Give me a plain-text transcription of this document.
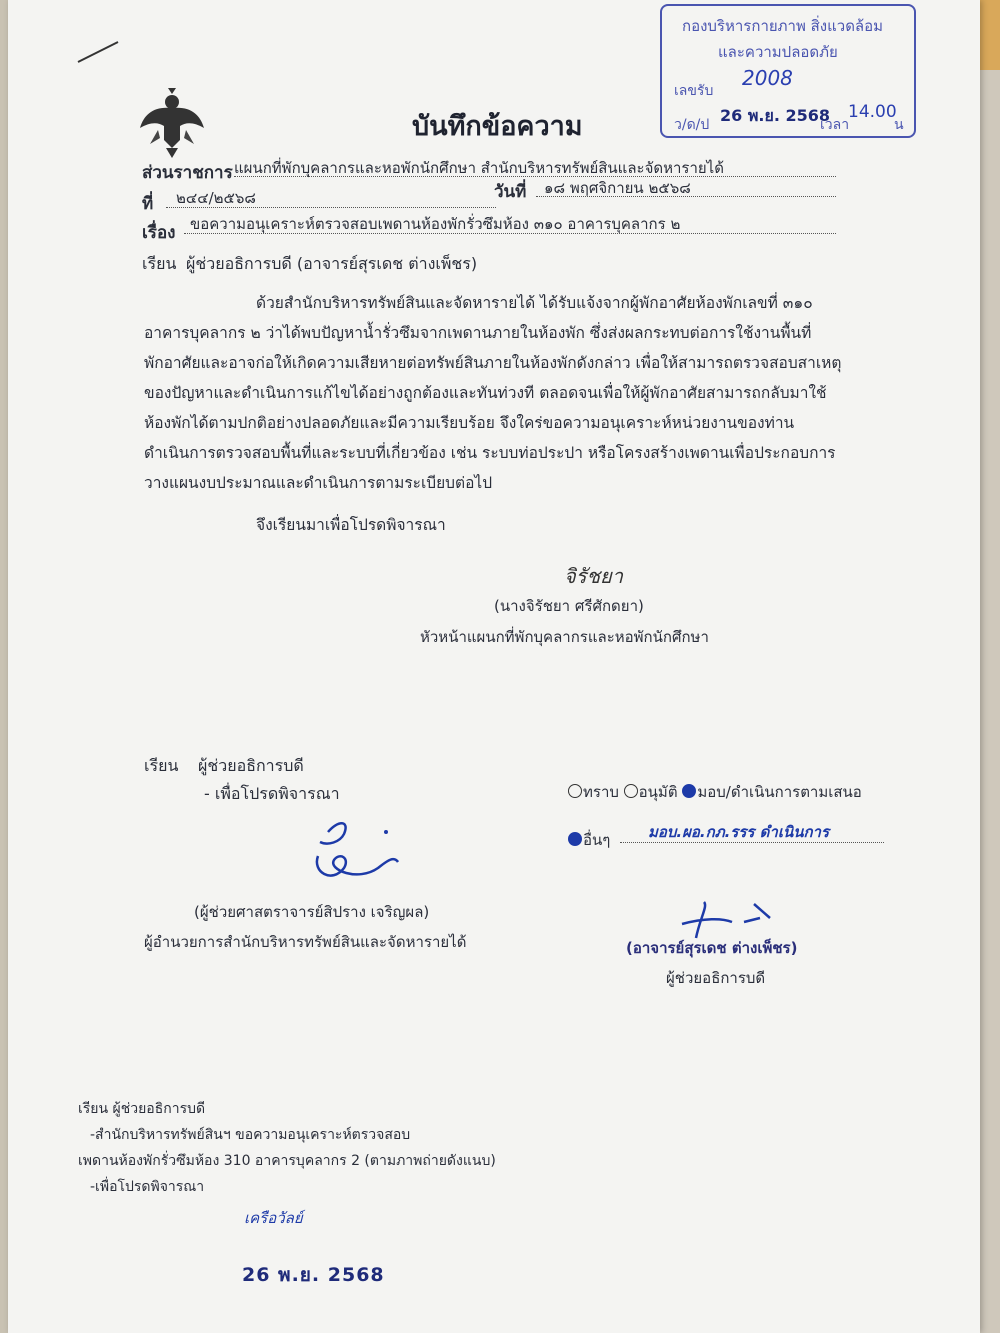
กองบริหารกายภาพ สิ่งแวดล้อม
และความปลอดภัย
เลขรับ
2008
ว/ด/ป 26 พ.ย. 2568
เวลา
14.00
น
บันทึกข้อความ
ส่วนราชการ แผนกที่พักบุคลากรและหอพักนักศึกษา สำนักบริหารทรัพย์สินและจัดหารายได้
ที่ ๒๔๔/๒๕๖๘	วันที่ ๑๘ พฤศจิกายน ๒๕๖๘
เรื่อง ขอความอนุเคราะห์ตรวจสอบเพดานห้องพักรั่วซึมห้อง ๓๑๐ อาคารบุคลากร ๒
เรียน ผู้ช่วยอธิการบดี (อาจารย์สุรเดช ต่างเพ็ชร)
ด้วยสำนักบริหารทรัพย์สินและจัดหารายได้ ได้รับแจ้งจากผู้พักอาศัยห้องพักเลขที่ ๓๑๐
อาคารบุคลากร ๒ ว่าได้พบปัญหาน้ำรั่วซึมจากเพดานภายในห้องพัก ซึ่งส่งผลกระทบต่อการใช้งานพื้นที่
พักอาศัยและอาจก่อให้เกิดความเสียหายต่อทรัพย์สินภายในห้องพักดังกล่าว เพื่อให้สามารถตรวจสอบสาเหตุ
ของปัญหาและดำเนินการแก้ไขได้อย่างถูกต้องและทันท่วงที ตลอดจนเพื่อให้ผู้พักอาศัยสามารถกลับมาใช้
ห้องพักได้ตามปกติอย่างปลอดภัยและมีความเรียบร้อย จึงใคร่ขอความอนุเคราะห์หน่วยงานของท่าน
ดำเนินการตรวจสอบพื้นที่และระบบที่เกี่ยวข้อง เช่น ระบบท่อประปา หรือโครงสร้างเพดานเพื่อประกอบการ
วางแผนงบประมาณและดำเนินการตามระเบียบต่อไป
จึงเรียนมาเพื่อโปรดพิจารณา
จิรัชยา
(นางจิรัชยา ศรีศักดยา)
หัวหน้าแผนกที่พักบุคลากรและหอพักนักศึกษา
เรียน ผู้ช่วยอธิการบดี
- เพื่อโปรดพิจารณา
(ผู้ช่วยศาสตราจารย์สิปราง เจริญผล)
ผู้อำนวยการสำนักบริหารทรัพย์สินและจัดหารายได้
ทราบ อนุมัติ มอบ/ดำเนินการตามเสนอ
อื่นๆ	มอบ.ผอ.กภ.รรร ดำเนินการ
(อาจารย์สุรเดช ต่างเพ็ชร)
ผู้ช่วยอธิการบดี
เรียน ผู้ช่วยอธิการบดี
-สำนักบริหารทรัพย์สินฯ ขอความอนุเคราะห์ตรวจสอบ
เพดานห้องพักรั่วซึมห้อง 310 อาคารบุคลากร 2 (ตามภาพถ่ายดังแนบ)
-เพื่อโปรดพิจารณา
เครือวัลย์
26 พ.ย. 2568
